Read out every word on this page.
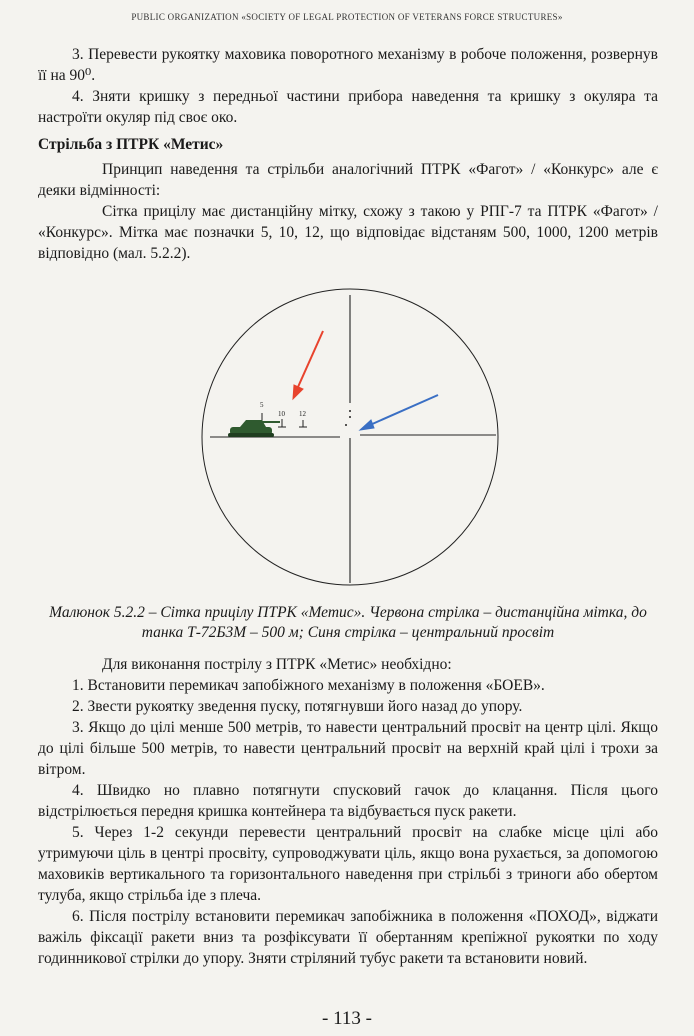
PUBLIC ORGANIZATION «SOCIETY OF LEGAL PROTECTION OF VETERANS FORCE STRUCTURES»

3. Перевести рукоятку маховика поворотного механізму в робоче положення, розвернув її на 90⁰.

4. Зняти кришку з передньої частини прибора наведення та кришку з окуляра та настроїти окуляр під своє око.

Стрільба з ПТРК «Метис»

Принцип наведення та стрільби аналогічний ПТРК «Фагот» / «Конкурс» але є деяки відмінності:

Сітка прицілу має дистанційну мітку, схожу з такою у РПГ-7 та ПТРК «Фагот» / «Конкурс». Мітка має позначки 5, 10, 12, що відповідає відстаням 500, 1000, 1200 метрів відповідно (мал. 5.2.2).

5
10 12
Малюнок 5.2.2 – Сітка прицілу ПТРК «Метис». Червона стрілка – дистанційна мітка, до танка Т-72Б3М – 500 м; Синя стрілка – центральний просвіт

Для виконання пострілу з ПТРК «Метис» необхідно:

1. Встановити перемикач запобіжного механізму в положення «БОЕВ».

2. Звести рукоятку зведення пуску, потягнувши його назад до упору.

3. Якщо до цілі менше 500 метрів, то навести центральний просвіт на центр цілі. Якщо до цілі більше 500 метрів, то навести центральний просвіт на верхній край цілі і трохи за вітром.

4. Швидко но плавно потягнути спусковий гачок до клацання. Після цього відстрілюється передня кришка контейнера та відбувається пуск ракети.

5. Через 1-2 секунди перевести центральний просвіт на слабке місце цілі або утримуючи ціль в центрі просвіту, супроводжувати ціль, якщо вона рухається, за допомогою маховиків вертикального та горизонтального наведення при стрільбі з триноги або обертом тулуба, якщо стрільба іде з плеча.

6. Після пострілу встановити перемикач запобіжника в положення «ПОХОД», віджати важіль фіксації ракети вниз та розфіксувати її обертанням крепіжної рукоятки по ходу годинникової стрілки до упору. Зняти стріляний тубус ракети та встановити новий.

- 113 -
